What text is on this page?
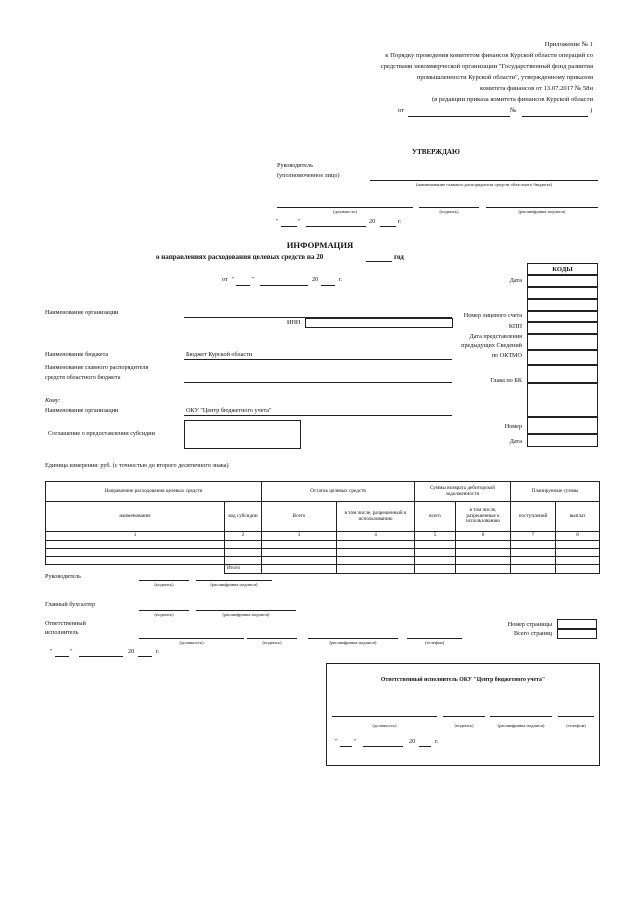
Приложение № 1
к Порядку проведения комитетом финансов Курской области операций со
средствами некоммерческой организации "Государственный фонд развития
промышленности Курской области", утвержденному приказом
комитета финансов от 13.07.2017 № 58н
(в редакции приказа комитета финансов Курской области
от	№	)
УТВЕРЖДАЮ
Руководитель
(уполномоченное лицо)
(наименование главного распорядителя средств областного бюджета)
(должность)	(подпись)	(расшифровка подписи)
"	"	20	г.
ИНФОРМАЦИЯ
о направлениях расходования целевых средств на 20	год
от "	"	20	г.
КОДЫ
Дата
Номер лицевого счета
КПП
Дата представления
предыдущих Сведений
по ОКТМО
Глава по БК
Номер
Дата
Наименование организации
ИНН
Наименование бюджета	Бюджет Курской области
Наименование главного распорядителя
средств областного бюджета
Кому:
Наименование организации	ОКУ "Центр бюджетного учета"
Соглашение о предоставлении субсидии
Единица измерения: руб. (с точностью до второго десятичного знака)
Направление расходования целевых средств		Остаток целевых средств		Суммы возврата дебиторской задолженности		Планируемые суммы	
наименование	код субсидии	Всего	в том числе, разрешенный к использованию	всего	в том числе, разрешенные к использованию	поступлений	выплат
1	2	3	4	5	6	7	8

	Итого						
Руководитель
(подпись)	(расшифровка подписи)
Главный бухгалтер
(подпись)	(расшифровка подписи)
Ответственный
исполнитель
(должность)	(подпись)	(расшифровка подписи)	(телефон)
Номер страницы
Всего страниц
"	"	20	г.
Ответственный исполнитель ОКУ "Центр бюджетного учета"
(должность)	(подпись)	(расшифровка подписи)	(телефон)
"	"	20	г.
